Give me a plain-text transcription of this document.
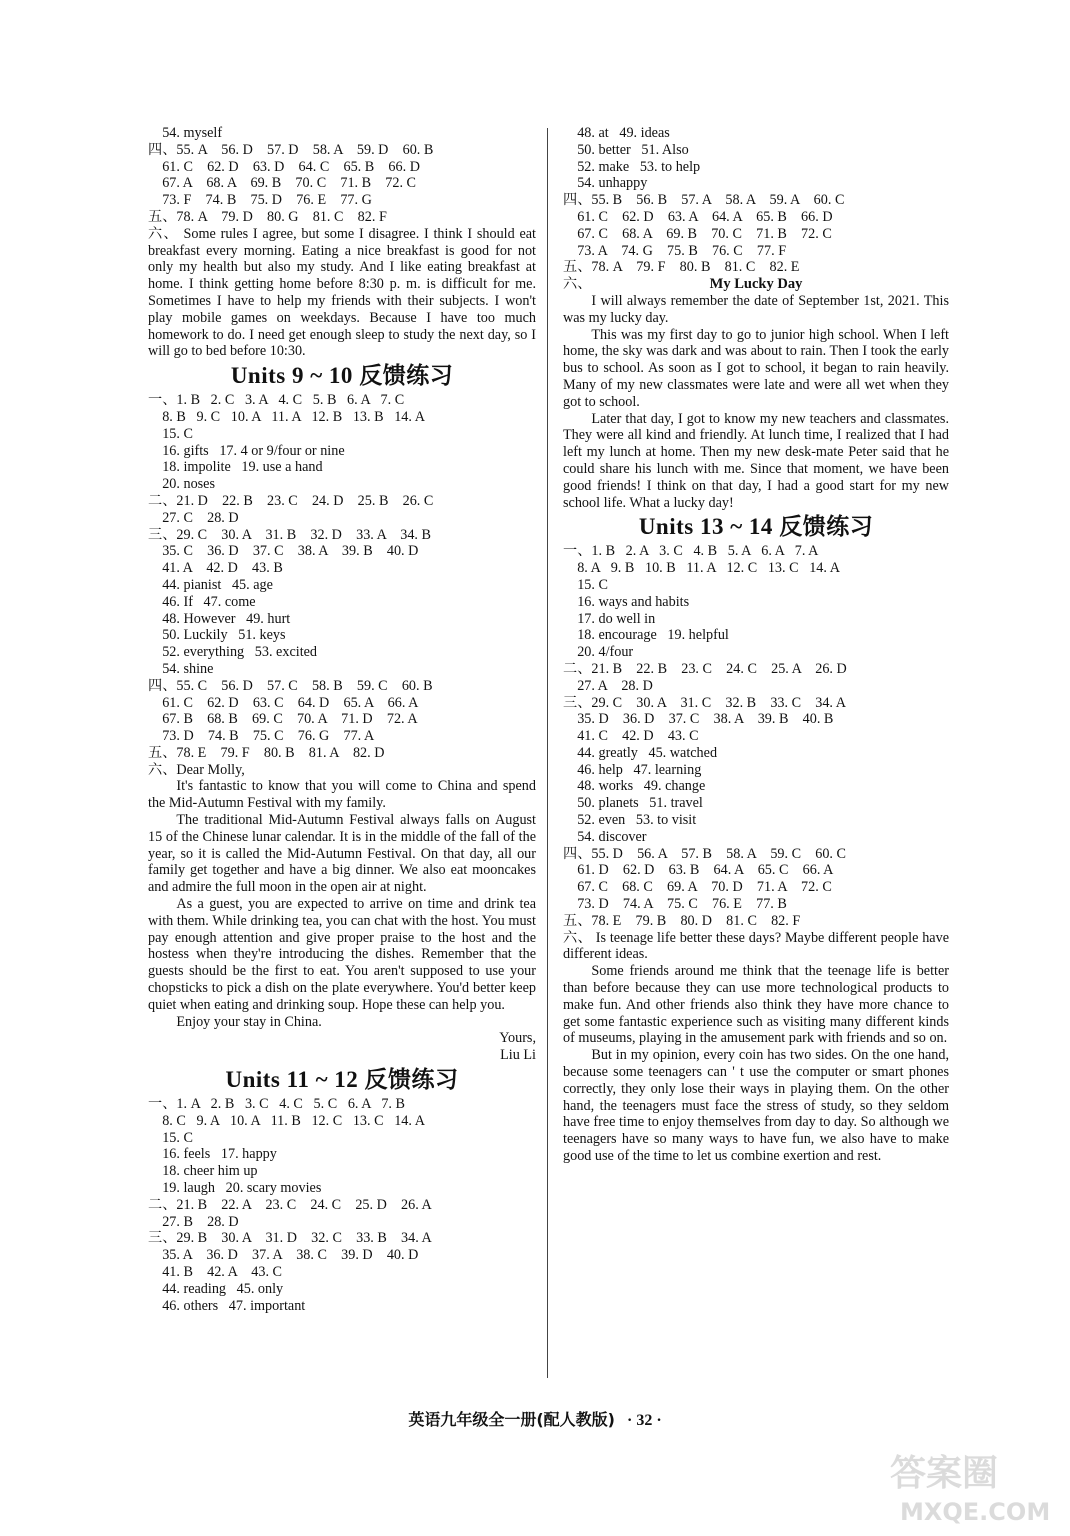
54. myself
四、55. A    56. D    57. D    58. A    59. D    60. B
61. C    62. D    63. D    64. C    65. B    66. D
67. A    68. A    69. B    70. C    71. B    72. C
73. F    74. B    75. D    76. E    77. G
五、78. A    79. D    80. G    81. C    82. F
六、 Some rules I agree, but some I disagree. I think I should eat breakfast every morning. Eating a nice breakfast is good for not only my health but also my study. And I like eating breakfast at home. I think getting home before 8:30 p. m. is difficult for me. Sometimes I have to help my friends with their subjects. I won't play mobile games on weekdays. Because I have too much homework to do. I need get enough sleep to study the next day, so I will go to bed before 10:30.
Units 9 ~ 10 反馈练习
一、1. B   2. C   3. A   4. C   5. B   6. A   7. C
8. B   9. C   10. A   11. A   12. B   13. B   14. A
15. C
16. gifts   17. 4 or 9/four or nine
18. impolite   19. use a hand
20. noses
二、21. D    22. B    23. C    24. D    25. B    26. C
27. C    28. D
三、29. C    30. A    31. B    32. D    33. A    34. B
35. C    36. D    37. C    38. A    39. B    40. D
41. A    42. D    43. B
44. pianist   45. age
46. If   47. come
48. However   49. hurt
50. Luckily   51. keys
52. everything   53. excited
54. shine
四、55. C    56. D    57. C    58. B    59. C    60. B
61. C    62. D    63. C    64. D    65. A    66. A
67. B    68. B    69. C    70. A    71. D    72. A
73. D    74. B    75. C    76. G    77. A
五、78. E    79. F    80. B    81. A    82. D
六、Dear Molly,
It's fantastic to know that you will come to China and spend the Mid-Autumn Festival with my family.
The traditional Mid-Autumn Festival always falls on August 15 of the Chinese lunar calendar. It is in the middle of the fall of the year, so it is called the Mid-Autumn Festival. On that day, all our family get together and have a big dinner. We also eat mooncakes and admire the full moon in the open air at night.
As a guest, you are expected to arrive on time and drink tea with them. While drinking tea, you can chat with the host. You must pay enough attention and give proper praise to the host and the hostess when they're introducing the dishes. Remember that the guests should be the first to eat. You aren't supposed to use your chopsticks to pick a dish on the plate everywhere. You'd better keep quiet when eating and drinking soup. Hope these can help you.
Enjoy your stay in China.
Yours,
Liu Li
Units 11 ~ 12 反馈练习
一、1. A   2. B   3. C   4. C   5. C   6. A   7. B
8. C   9. A   10. A   11. B   12. C   13. C   14. A
15. C
16. feels   17. happy
18. cheer him up
19. laugh   20. scary movies
二、21. B    22. A    23. C    24. C    25. D    26. A
27. B    28. D
三、29. B    30. A    31. D    32. C    33. B    34. A
35. A    36. D    37. A    38. C    39. D    40. D
41. B    42. A    43. C
44. reading   45. only
46. others   47. important
48. at   49. ideas
50. better   51. Also
52. make   53. to help
54. unhappy
四、55. B    56. B    57. A    58. A    59. A    60. C
61. C    62. D    63. A    64. A    65. B    66. D
67. C    68. A    69. B    70. C    71. B    72. C
73. A    74. G    75. B    76. C    77. F
五、78. A    79. F    80. B    81. C    82. E
六、	My Lucky Day
I will always remember the date of September 1st, 2021. This was my lucky day.
This was my first day to go to junior high school. When I left home, the sky was dark and was about to rain. Then I took the early bus to school. As soon as I got to school, it began to rain heavily. Many of my new classmates were late and were all wet when they got to school.
Later that day, I got to know my new teachers and classmates. They were all kind and friendly. At lunch time, I realized that I had left my lunch at home. Then my new desk-mate Peter said that he could share his lunch with me. Since that moment, we have been good friends! I think on that day, I had a good start for my new school life. What a lucky day!
Units 13 ~ 14 反馈练习
一、1. B   2. A   3. C   4. B   5. A   6. A   7. A
8. A   9. B   10. B   11. A   12. C   13. C   14. A
15. C
16. ways and habits
17. do well in
18. encourage   19. helpful
20. 4/four
二、21. B    22. B    23. C    24. C    25. A    26. D
27. A    28. D
三、29. C    30. A    31. C    32. B    33. C    34. A
35. D    36. D    37. C    38. A    39. B    40. B
41. C    42. D    43. C
44. greatly   45. watched
46. help   47. learning
48. works   49. change
50. planets   51. travel
52. even   53. to visit
54. discover
四、55. D    56. A    57. B    58. A    59. C    60. C
61. D    62. D    63. B    64. A    65. C    66. A
67. C    68. C    69. A    70. D    71. A    72. C
73. D    74. A    75. C    76. E    77. B
五、78. E    79. B    80. D    81. C    82. F
六、 Is teenage life better these days? Maybe different people have different ideas.
Some friends around me think that the teenage life is better than before because they can use more technological products to make fun. And other friends also think they have more chance to get some fantastic experience such as visiting many different kinds of museums, playing in the amusement park with friends and so on.
But in my opinion, every coin has two sides. On the one hand, because some teenagers can ' t use the computer or smart phones correctly, they only lose their ways in playing them. On the other hand, the teenagers must face the stress of study, so they seldom have free time to enjoy themselves from day to day. So although we teenagers have so many ways to have fun, we also have to make good use of the time to let us combine exertion and rest.
英语九年级全一册(配人教版) · 32 ·
答案圈
MXQE.COM
